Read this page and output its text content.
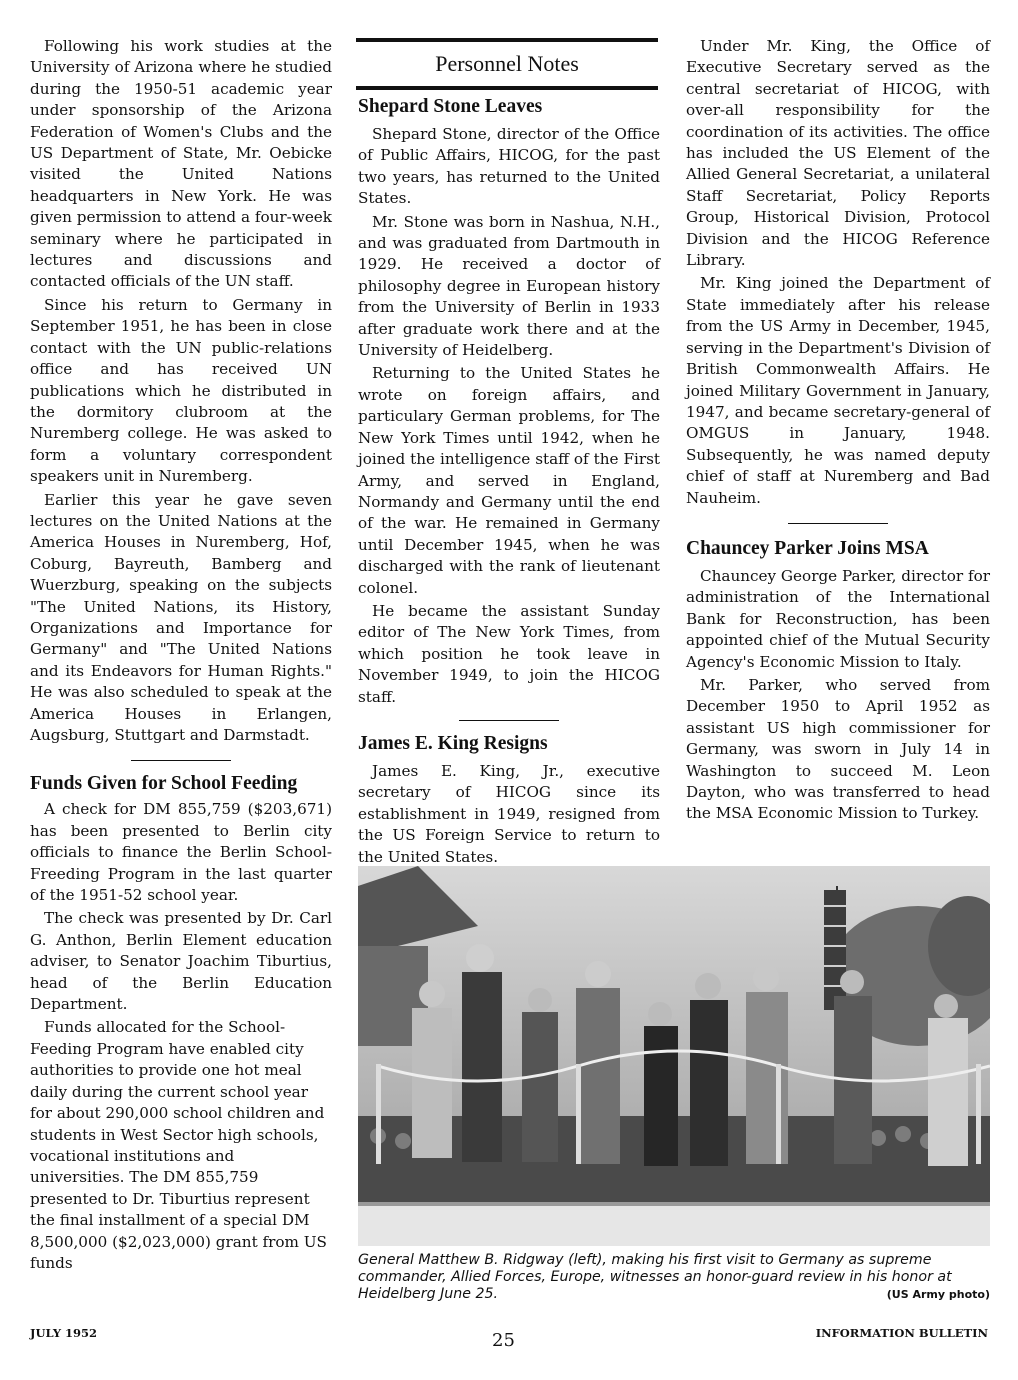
Following his work studies at the University of Arizona where he studied during the 1950-51 academic year under sponsorship of the Arizona Federation of Women's Clubs and the US Department of State, Mr. Oebicke visited the United Nations headquarters in New York. He was given permission to attend a four-week seminary where he participated in lectures and discussions and contacted officials of the UN staff.

Since his return to Germany in September 1951, he has been in close contact with the UN public-relations office and has received UN publications which he distributed in the dormitory clubroom at the Nuremberg college. He was asked to form a voluntary correspondent speakers unit in Nuremberg.

Earlier this year he gave seven lectures on the United Nations at the America Houses in Nuremberg, Hof, Coburg, Bayreuth, Bamberg and Wuerzburg, speaking on the subjects "The United Nations, its History, Organizations and Importance for Germany" and "The United Nations and its Endeavors for Human Rights." He was also scheduled to speak at the America Houses in Erlangen, Augsburg, Stuttgart and Darmstadt.

Funds Given for School Feeding

A check for DM 855,759 ($203,671) has been presented to Berlin city officials to finance the Berlin School-Freeding Program in the last quarter of the 1951-52 school year.

The check was presented by Dr. Carl G. Anthon, Berlin Element education adviser, to Senator Joachim Tiburtius, head of the Berlin Education Department.

Funds allocated for the School-Feeding Program have enabled city authorities to provide one hot meal daily during the current school year for about 290,000 school children and students in West Sector high schools, vocational institutions and universities. The DM 855,759 presented to Dr. Tiburtius represent the final installment of a special DM 8,500,000 ($2,023,000) grant from US funds

Personnel Notes
Shepard Stone Leaves

Shepard Stone, director of the Office of Public Affairs, HICOG, for the past two years, has returned to the United States.

Mr. Stone was born in Nashua, N.H., and was graduated from Dartmouth in 1929. He received a doctor of philosophy degree in European history from the University of Berlin in 1933 after graduate work there and at the University of Heidelberg.

Returning to the United States he wrote on foreign affairs, and particulary German problems, for The New York Times until 1942, when he joined the intelligence staff of the First Army, and served in England, Normandy and Germany until the end of the war. He remained in Germany until December 1945, when he was discharged with the rank of lieutenant colonel.

He became the assistant Sunday editor of The New York Times, from which position he took leave in November 1949, to join the HICOG staff.

James E. King Resigns

James E. King, Jr., executive secretary of HICOG since its establishment in 1949, resigned from the US Foreign Service to return to the United States.

Under Mr. King, the Office of Executive Secretary served as the central secretariat of HICOG, with over-all responsibility for the coordination of its activities. The office has included the US Element of the Allied General Secretariat, a unilateral Staff Secretariat, Policy Reports Group, Historical Division, Protocol Division and the HICOG Reference Library.

Mr. King joined the Department of State immediately after his release from the US Army in December, 1945, serving in the Department's Division of British Commonwealth Affairs. He joined Military Government in January, 1947, and became secretary-general of OMGUS in January, 1948. Subsequently, he was named deputy chief of staff at Nuremberg and Bad Nauheim.

Chauncey Parker Joins MSA

Chauncey George Parker, director for administration of the International Bank for Reconstruction, has been appointed chief of the Mutual Security Agency's Economic Mission to Italy.

Mr. Parker, who served from December 1950 to April 1952 as assistant US high commissioner for Germany, was sworn in July 14 in Washington to succeed M. Leon Dayton, who was transferred to head the MSA Economic Mission to Turkey.

General Matthew B. Ridgway (left), making his first visit to Germany as supreme commander, Allied Forces, Europe, witnesses an honor-guard review in his honor at Heidelberg June 25.	(US Army photo)
JULY 1952	25	INFORMATION BULLETIN
